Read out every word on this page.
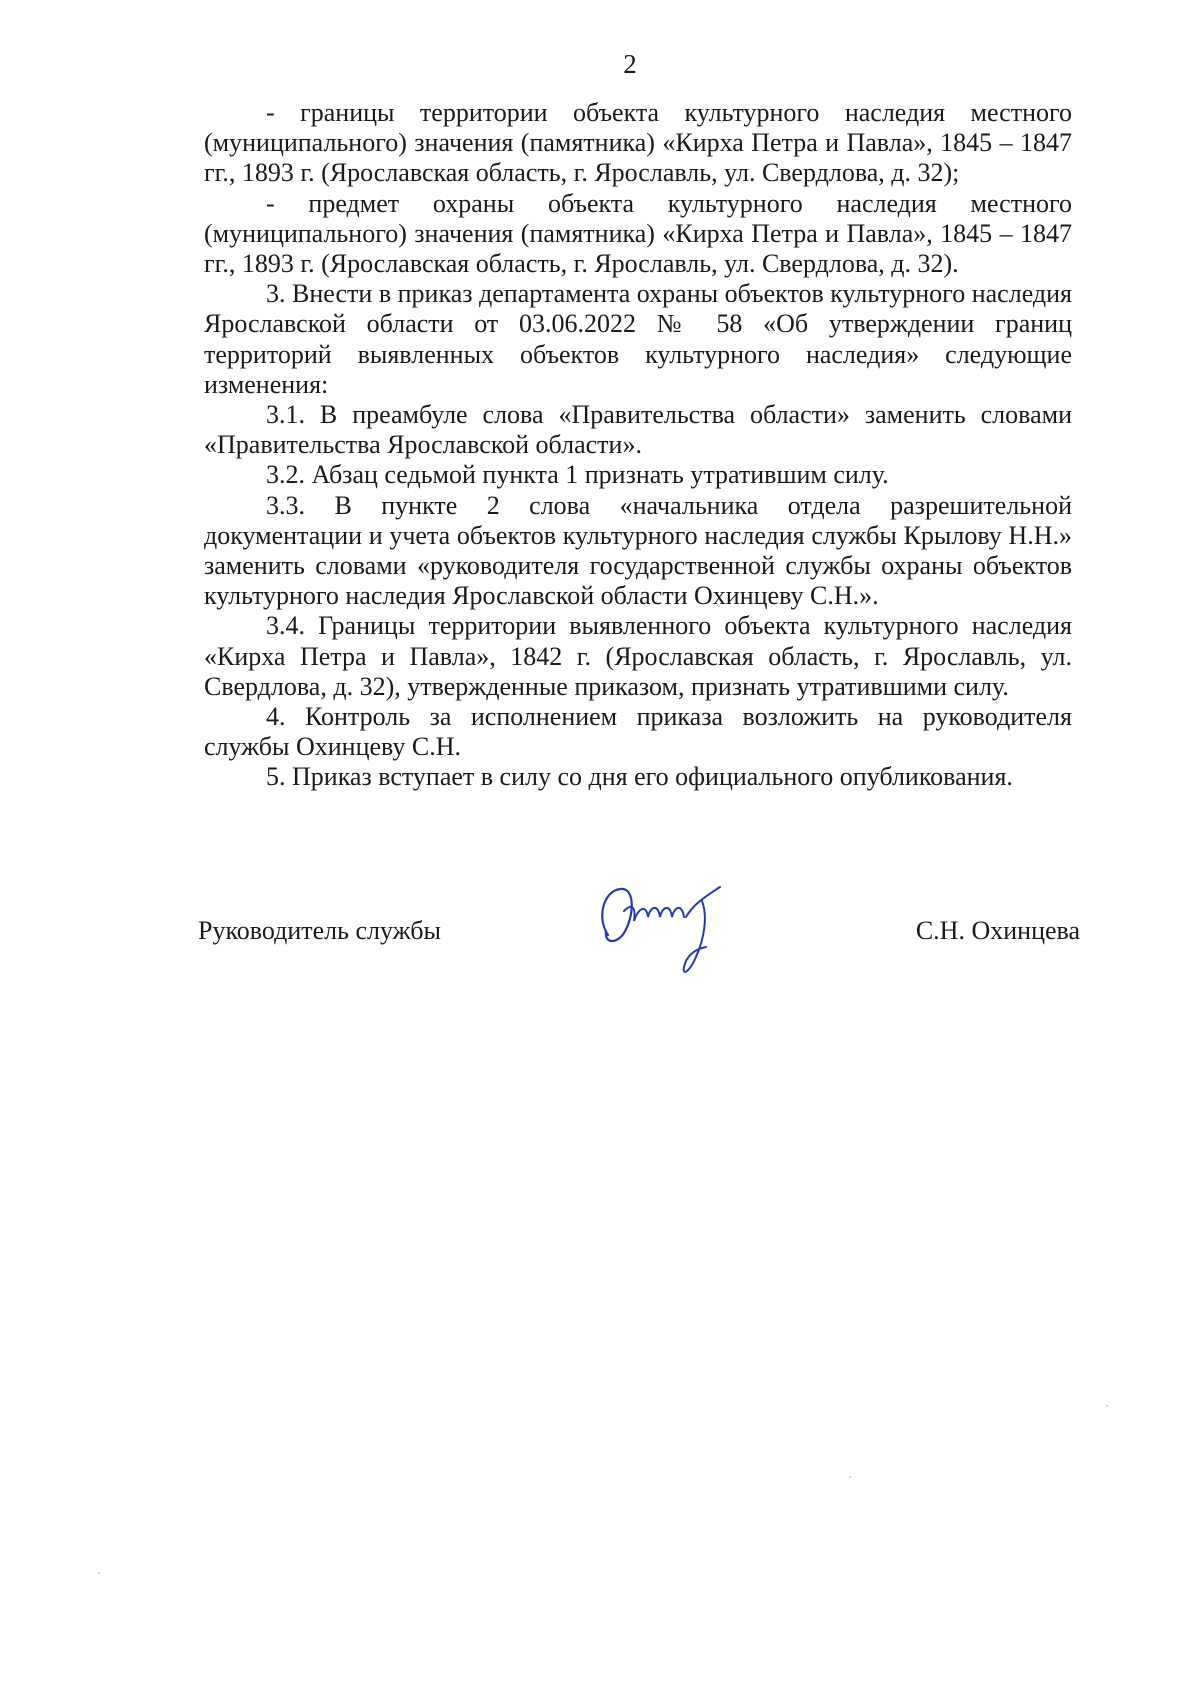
2

- границы территории объекта культурного наследия местного (муниципального) значения (памятника) «Кирха Петра и Павла», 1845 – 1847 гг., 1893 г. (Ярославская область, г. Ярославль, ул. Свердлова, д. 32);

- предмет охраны объекта культурного наследия местного (муниципального) значения (памятника) «Кирха Петра и Павла», 1845 – 1847 гг., 1893 г. (Ярославская область, г. Ярославль, ул. Свердлова, д. 32).

3. Внести в приказ департамента охраны объектов культурного наследия Ярославской области от 03.06.2022 № 58 «Об утверждении границ территорий выявленных объектов культурного наследия» следующие изменения:

3.1. В преамбуле слова «Правительства области» заменить словами «Правительства Ярославской области».

3.2. Абзац седьмой пункта 1 признать утратившим силу.

3.3. В пункте 2 слова «начальника отдела разрешительной документации и учета объектов культурного наследия службы Крылову Н.Н.» заменить словами «руководителя государственной службы охраны объектов культурного наследия Ярославской области Охинцеву С.Н.».

3.4. Границы территории выявленного объекта культурного наследия «Кирха Петра и Павла», 1842 г. (Ярославская область, г. Ярославль, ул. Свердлова, д. 32), утвержденные приказом, признать утратившими силу.

4. Контроль за исполнением приказа возложить на руководителя службы Охинцеву С.Н.

5. Приказ вступает в силу со дня его официального опубликования.

Руководитель службы	С.Н. Охинцева
